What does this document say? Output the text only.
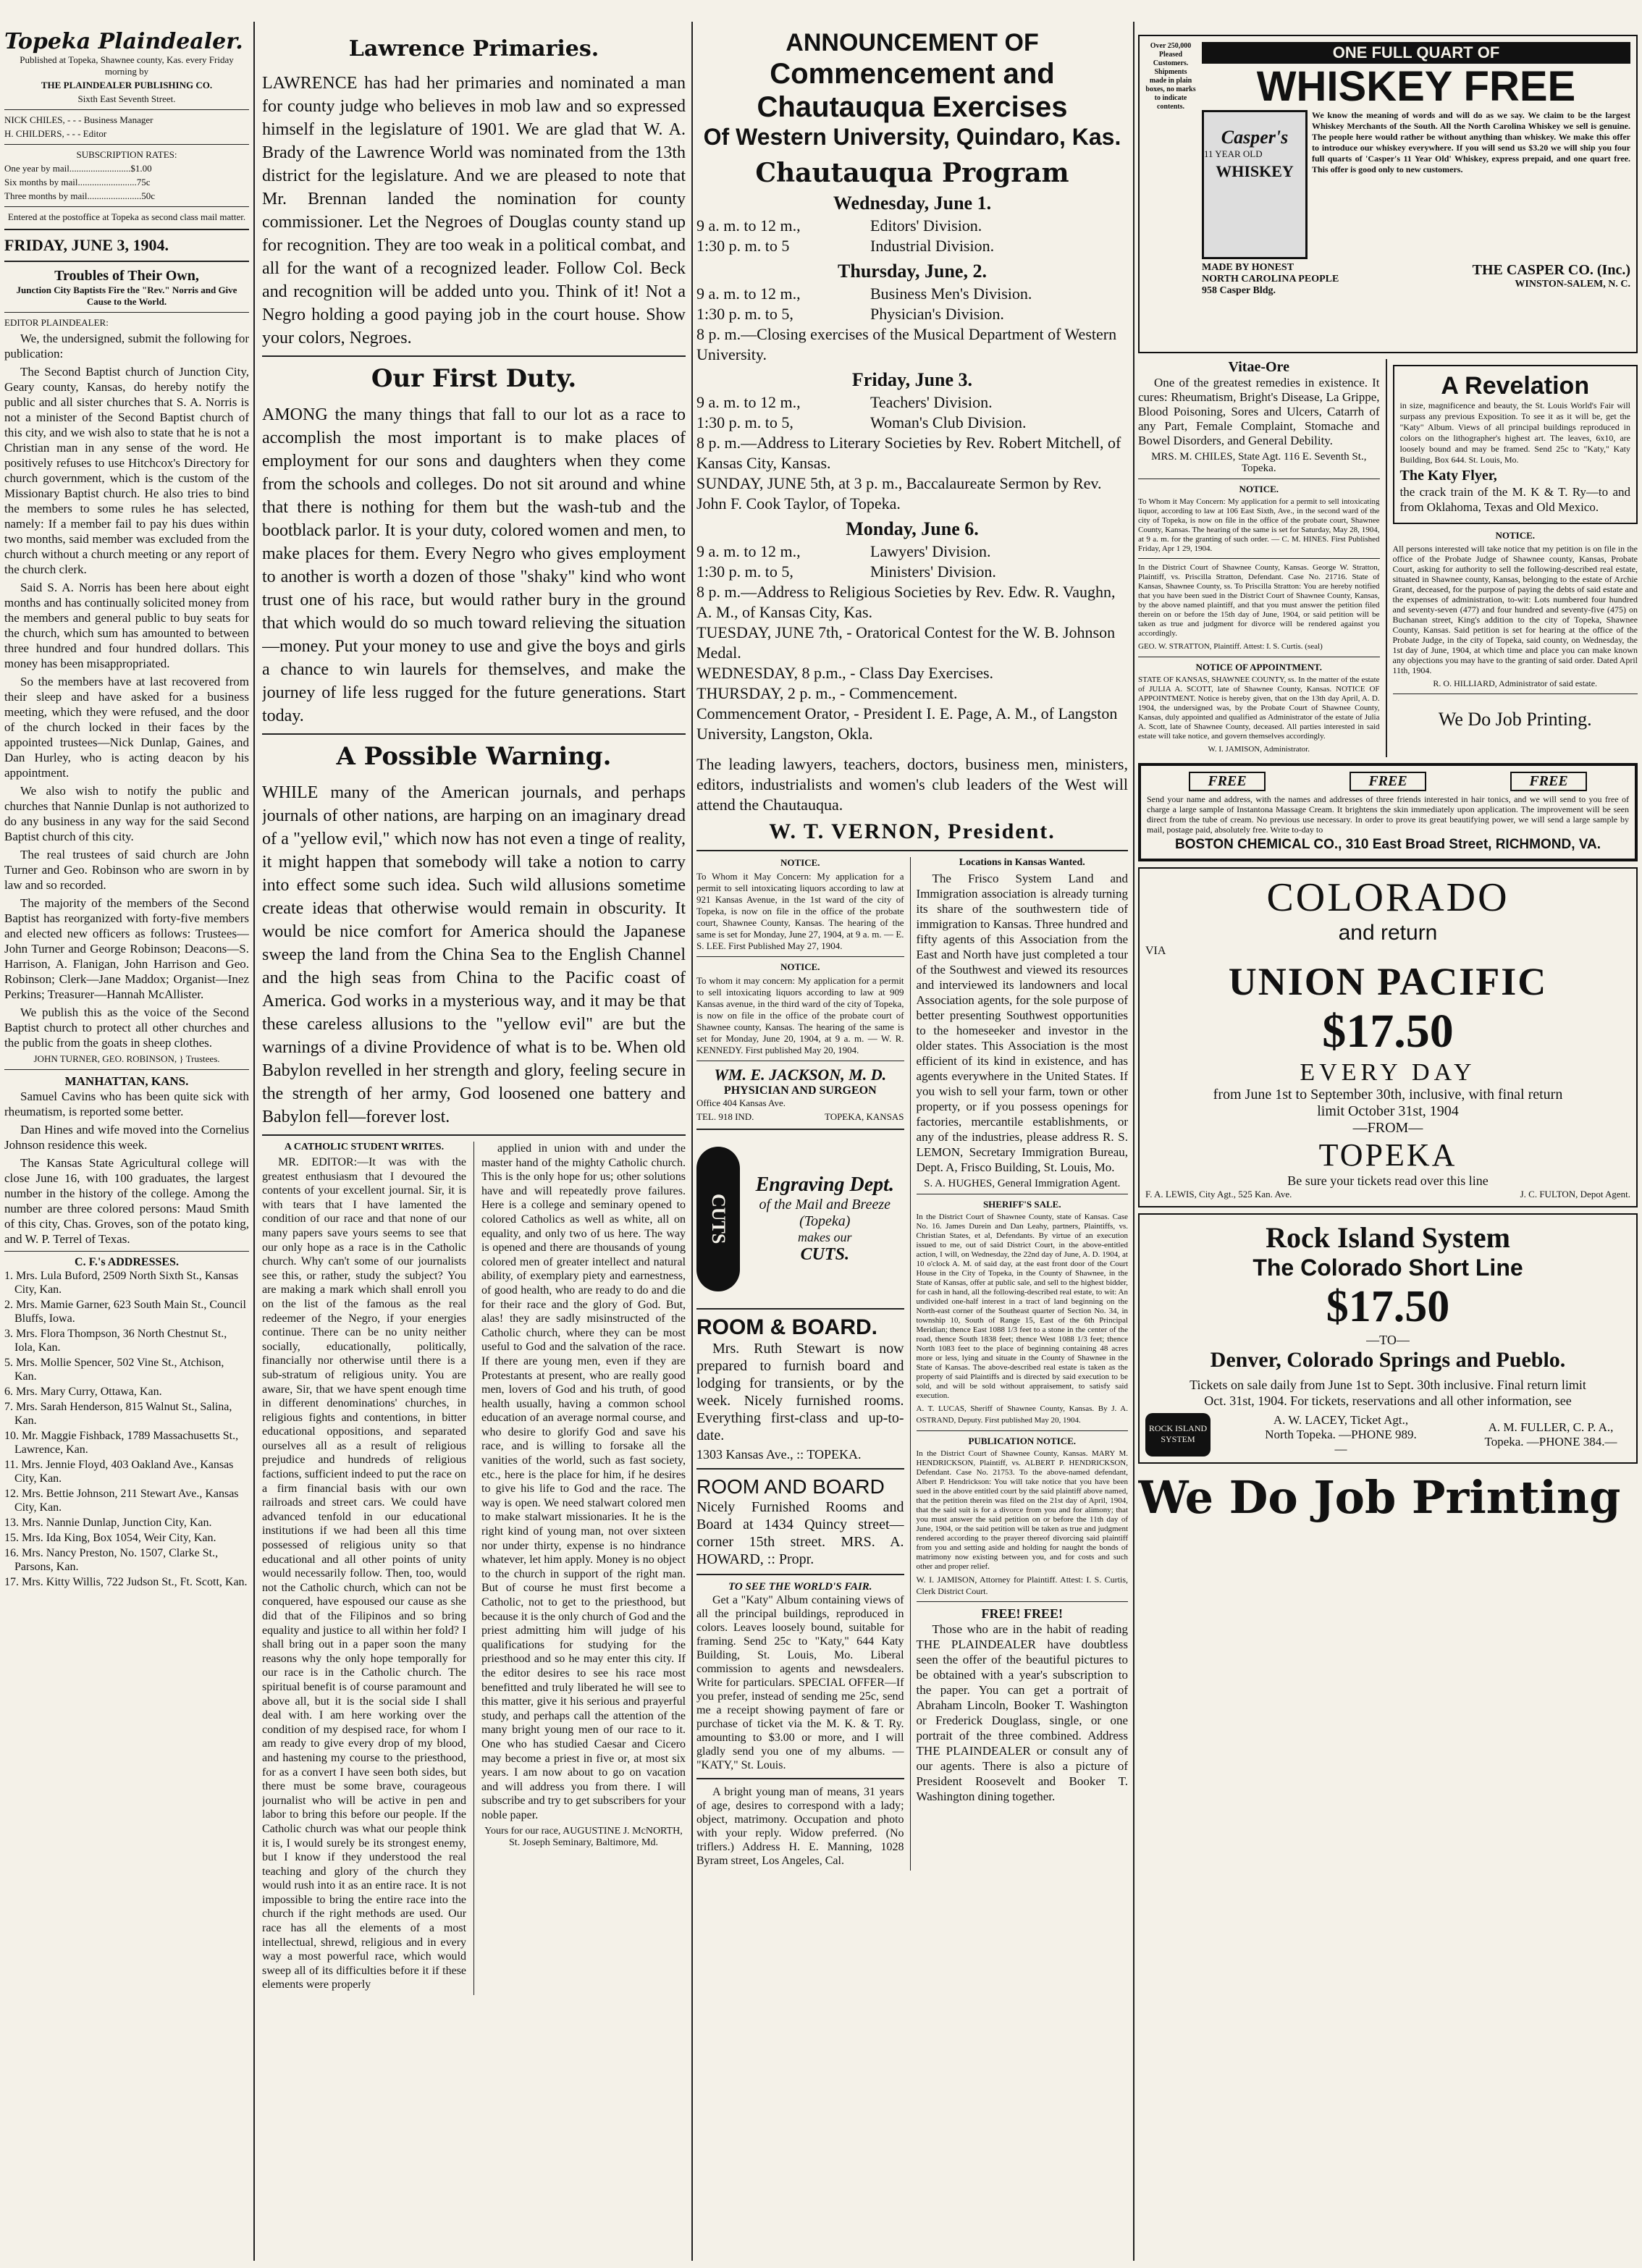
Topeka Plaindealer.
Published at Topeka, Shawnee county, Kas. every Friday morning by
THE PLAINDEALER PUBLISHING CO.
Sixth East Seventh Street.
NICK CHILES, - - - Business Manager
H. CHILDERS, - - - Editor
SUBSCRIPTION RATES:
One year by mail..........................$1.00
Six months by mail.........................75c
Three months by mail.......................50c
Entered at the postoffice at Topeka as second class mail matter.
FRIDAY, JUNE 3, 1904.
Troubles of Their Own,
Junction City Baptists Fire the "Rev." Norris and Give Cause to the World.
EDITOR PLAINDEALER:

We, the undersigned, submit the following for publication:

The Second Baptist church of Junction City, Geary county, Kansas, do hereby notify the public and all sister churches that S. A. Norris is not a minister of the Second Baptist church of this city, and we wish also to state that he is not a Christian man in any sense of the word. He positively refuses to use Hitchcox's Directory for church government, which is the custom of the Missionary Baptist church. He also tries to bind the members to some rules he has selected, namely: If a member fail to pay his dues within two months, said member was excluded from the church without a church meeting or any report of the church clerk.

Said S. A. Norris has been here about eight months and has continually solicited money from the members and general public to buy seats for the church, which sum has amounted to between three hundred and four hundred dollars. This money has been misappropriated.

So the members have at last recovered from their sleep and have asked for a business meeting, which they were refused, and the door of the church locked in their faces by the appointed trustees—Nick Dunlap, Gaines, and Dan Hurley, who is acting deacon by his appointment.

We also wish to notify the public and churches that Nannie Dunlap is not authorized to do any business in any way for the said Second Baptist church of this city.

The real trustees of said church are John Turner and Geo. Robinson who are sworn in by law and so recorded.

The majority of the members of the Second Baptist has reorganized with forty-five members and elected new officers as follows: Trustees—John Turner and George Robinson; Deacons—S. Harrison, A. Flanigan, John Harrison and Geo. Robinson; Clerk—Jane Maddox; Organist—Inez Perkins; Treasurer—Hannah McAllister.

We publish this as the voice of the Second Baptist church to protect all other churches and the public from the goats in sheep clothes.

JOHN TURNER, GEO. ROBINSON, } Trustees.
MANHATTAN, KANS.

Samuel Cavins who has been quite sick with rheumatism, is reported some better.

Dan Hines and wife moved into the Cornelius Johnson residence this week.

The Kansas State Agricultural college will close June 16, with 100 graduates, the largest number in the history of the college. Among the number are three colored persons: Maud Smith of this city, Chas. Groves, son of the potato king, and W. P. Terrel of Texas.

C. F.'s ADDRESSES.
1. Mrs. Lula Buford, 2509 North Sixth St., Kansas City, Kan.
2. Mrs. Mamie Garner, 623 South Main St., Council Bluffs, Iowa.
3. Mrs. Flora Thompson, 36 North Chestnut St., Iola, Kan.
5. Mrs. Mollie Spencer, 502 Vine St., Atchison, Kan.
6. Mrs. Mary Curry, Ottawa, Kan.
7. Mrs. Sarah Henderson, 815 Walnut St., Salina, Kan.
10. Mr. Maggie Fishback, 1789 Massachusetts St., Lawrence, Kan.
11. Mrs. Jennie Floyd, 403 Oakland Ave., Kansas City, Kan.
12. Mrs. Bettie Johnson, 211 Stewart Ave., Kansas City, Kan.
13. Mrs. Nannie Dunlap, Junction City, Kan.
15. Mrs. Ida King, Box 1054, Weir City, Kan.
16. Mrs. Nancy Preston, No. 1507, Clarke St., Parsons, Kan.
17. Mrs. Kitty Willis, 722 Judson St., Ft. Scott, Kan.
Lawrence Primaries.

LAWRENCE has had her primaries and nominated a man for county judge who believes in mob law and so expressed himself in the legislature of 1901. We are glad that W. A. Brady of the Lawrence World was nominated from the 13th district for the legislature. And we are pleased to note that Mr. Brennan landed the nomination for county commissioner. Let the Negroes of Douglas county stand up for recognition. They are too weak in a political combat, and all for the want of a recognized leader. Follow Col. Beck and recognition will be added unto you. Think of it! Not a Negro holding a good paying job in the court house. Show your colors, Negroes.

Our First Duty.

AMONG the many things that fall to our lot as a race to accomplish the most important is to make places of employment for our sons and daughters when they come from the schools and colleges. Do not sit around and whine that there is nothing for them but the wash-tub and the bootblack parlor. It is your duty, colored women and men, to make places for them. Every Negro who gives employment to another is worth a dozen of those "shaky" kind who wont trust one of his race, but would rather bury in the ground that which would do so much toward relieving the situation—money. Put your money to use and give the boys and girls a chance to win laurels for themselves, and make the journey of life less rugged for the future generations. Start today.

A Possible Warning.

WHILE many of the American journals, and perhaps journals of other nations, are harping on an imaginary dread of a "yellow evil," which now has not even a tinge of reality, it might happen that somebody will take a notion to carry into effect some such idea. Such wild allusions sometime create ideas that otherwise would remain in obscurity. It would be nice comfort for America should the Japanese sweep the land from the China Sea to the English Channel and the high seas from China to the Pacific coast of America. God works in a mysterious way, and it may be that these careless allusions to the "yellow evil" are but the warnings of a divine Providence of what is to be. When old Babylon revelled in her strength and glory, feeling secure in the strength of her army, God loosened one battery and Babylon fell—forever lost.

A CATHOLIC STUDENT WRITES.

MR. EDITOR:—It was with the greatest enthusiasm that I devoured the contents of your excellent journal. Sir, it is with tears that I have lamented the condition of our race and that none of our many papers save yours seems to see that our only hope as a race is in the Catholic church. Why can't some of our journalists see this, or rather, study the subject? You are making a mark which shall enroll you on the list of the famous as the real redeemer of the Negro, if your energies continue. There can be no unity neither socially, educationally, politically, financially nor otherwise until there is a sub-stratum of religious unity. You are aware, Sir, that we have spent enough time in different denominations' churches, in religious fights and contentions, in bitter educational oppositions, and separated ourselves all as a result of religious prejudice and hundreds of religious factions, sufficient indeed to put the race on a firm financial basis with our own railroads and street cars. We could have advanced tenfold in our educational institutions if we had been all this time possessed of religious unity so that educational and all other points of unity would necessarily follow. Then, too, would not the Catholic church, which can not be conquered, have espoused our cause as she did that of the Filipinos and so bring equality and justice to all within her fold? I shall bring out in a paper soon the many reasons why the only hope temporally for our race is in the Catholic church. The spiritual benefit is of course paramount and above all, but it is the social side I shall deal with. I am here working over the condition of my despised race, for whom I am ready to give every drop of my blood, and hastening my course to the priesthood, for as a convert I have seen both sides, but there must be some brave, courageous journalist who will be active in pen and labor to bring this before our people. If the Catholic church was what our people think it is, I would surely be its strongest enemy, but I know if they understood the real teaching and glory of the church they would rush into it as an entire race. It is not impossible to bring the entire race into the church if the right methods are used. Our race has all the elements of a most intellectual, shrewd, religious and in every way a most powerful race, which would sweep all of its difficulties before it if these elements were properly

applied in union with and under the master hand of the mighty Catholic church. This is the only hope for us; other solutions have and will repeatedly prove failures. Here is a college and seminary opened to colored Catholics as well as white, all on equality, and only two of us here. The way is opened and there are thousands of young colored men of greater intellect and natural ability, of exemplary piety and earnestness, of good health, who are ready to do and die for their race and the glory of God. But, alas! they are sadly misinstructed of the Catholic church, where they can be most useful to God and the salvation of the race. If there are young men, even if they are Protestants at present, who are really good men, lovers of God and his truth, of good health usually, having a common school education of an average normal course, and who desire to glorify God and save his race, and is willing to forsake all the vanities of the world, such as fast society, etc., here is the place for him, if he desires to give his life to God and the race. The way is open. We need stalwart colored men to make stalwart missionaries. It he is the right kind of young man, not over sixteen nor under thirty, expense is no hindrance whatever, let him apply. Money is no object to the church in support of the right man. But of course he must first become a Catholic, not to get to the priesthood, but because it is the only church of God and the priest admitting him will judge of his qualifications for studying for the priesthood and so he may enter this city. If the editor desires to see his race most benefitted and truly liberated he will see to this matter, give it his serious and prayerful study, and perhaps call the attention of the many bright young men of our race to it. One who has studied Caesar and Cicero may become a priest in five or, at most six years. I am now about to go on vacation and will address you from there. I will subscribe and try to get subscribers for your noble paper.

Yours for our race, AUGUSTINE J. McNORTH, St. Joseph Seminary, Baltimore, Md.
ANNOUNCEMENT OF
Commencement and Chautauqua Exercises
Of Western University, Quindaro, Kas.
Chautauqua Program
Wednesday, June 1.
9 a. m. to 12 m.,	Editors' Division.
1:30 p. m. to 5	Industrial Division.
Thursday, June, 2.
9 a. m. to 12 m.,	Business Men's Division.
1:30 p. m. to 5,	Physician's Division.
8 p. m.—Closing exercises of the Musical Department of Western University.
Friday, June 3.
9 a. m. to 12 m.,	Teachers' Division.
1:30 p. m. to 5,	Woman's Club Division.
8 p. m.—Address to Literary Societies by Rev. Robert Mitchell, of Kansas City, Kansas.
SUNDAY, JUNE 5th, at 3 p. m., Baccalaureate Sermon by Rev. John F. Cook Taylor, of Topeka.
Monday, June 6.
9 a. m. to 12 m.,	Lawyers' Division.
1:30 p. m. to 5,	Ministers' Division.
8 p. m.—Address to Religious Societies by Rev. Edw. R. Vaughn, A. M., of Kansas City, Kas.
TUESDAY, JUNE 7th, - Oratorical Contest for the W. B. Johnson Medal.
WEDNESDAY, 8 p.m., - Class Day Exercises.
THURSDAY, 2 p. m., - Commencement.
Commencement Orator, - President I. E. Page, A. M., of Langston University, Langston, Okla.

The leading lawyers, teachers, doctors, business men, ministers, editors, industrialists and women's club leaders of the West will attend the Chautauqua.

W. T. VERNON, President.
NOTICE.

To Whom it May Concern: My application for a permit to sell intoxicating liquors according to law at 921 Kansas Avenue, in the 1st ward of the city of Topeka, is now on file in the office of the probate court, Shawnee County, Kansas. The hearing of the same is set for Monday, June 27, 1904, at 9 a. m. — E. S. LEE. First Published May 27, 1904.

NOTICE.

To whom it may concern: My application for a permit to sell intoxicating liquors according to law at 909 Kansas avenue, in the third ward of the city of Topeka, is now on file in the office of the probate court of Shawnee county, Kansas. The hearing of the same is set for Monday, June 20, 1904, at 9 a. m. — W. R. KENNEDY. First published May 20, 1904.

WM. E. JACKSON, M. D.
PHYSICIAN AND SURGEON
Office 404 Kansas Ave.
TEL. 918 IND.	TOPEKA, KANSAS
CUTS
Engraving Dept.
of the Mail and Breeze (Topeka)
makes our
CUTS.
ROOM & BOARD.

Mrs. Ruth Stewart is now prepared to furnish board and lodging for transients, or by the week. Nicely furnished rooms. Everything first-class and up-to-date.

1303 Kansas Ave., :: TOPEKA.
ROOM AND BOARD

Nicely Furnished Rooms and Board at 1434 Quincy street—corner 15th street. MRS. A. HOWARD, :: Propr.

TO SEE THE WORLD'S FAIR.

Get a "Katy" Album containing views of all the principal buildings, reproduced in colors. Leaves loosely bound, suitable for framing. Send 25c to "Katy," 644 Katy Building, St. Louis, Mo. Liberal commission to agents and newsdealers. Write for particulars. SPECIAL OFFER—If you prefer, instead of sending me 25c, send me a receipt showing payment of fare or purchase of ticket via the M. K. & T. Ry. amounting to $3.00 or more, and I will gladly send you one of my albums. — "KATY," St. Louis.

A bright young man of means, 31 years of age, desires to correspond with a lady; object, matrimony. Occupation and photo with your reply. Widow preferred. (No triflers.) Address H. E. Manning, 1028 Byram street, Los Angeles, Cal.

Locations in Kansas Wanted.

The Frisco System Land and Immigration association is already turning its share of the southwestern tide of immigration to Kansas. Three hundred and fifty agents of this Association from the East and North have just completed a tour of the Southwest and viewed its resources and interviewed its landowners and local Association agents, for the sole purpose of better presenting Southwest opportunities to the homeseeker and investor in the older states. This Association is the most efficient of its kind in existence, and has agents everywhere in the United States. If you wish to sell your farm, town or other property, or if you possess openings for factories, mercantile establishments, or any of the industries, please address R. S. LEMON, Secretary Immigration Bureau, Dept. A, Frisco Building, St. Louis, Mo.

S. A. HUGHES, General Immigration Agent.
SHERIFF'S SALE.

In the District Court of Shawnee County, state of Kansas. Case No. 16. James Durein and Dan Leahy, partners, Plaintiffs, vs. Christian States, et al, Defendants. By virtue of an execution issued to me, out of said District Court, in the above-entitled action, I will, on Wednesday, the 22nd day of June, A. D. 1904, at 10 o'clock A. M. of said day, at the east front door of the Court House in the City of Topeka, in the County of Shawnee, in the State of Kansas, offer at public sale, and sell to the highest bidder, for cash in hand, all the following-described real estate, to wit: An undivided one-half interest in a tract of land beginning on the North-east corner of the Southeast quarter of Section No. 34, in township 10, South of Range 15, East of the 6th Principal Meridian; thence East 1088 1/3 feet to a stone in the center of the road, thence South 1838 feet; thence West 1088 1/3 feet; thence North 1083 feet to the place of beginning containing 48 acres more or less, lying and situate in the County of Shawnee in the State of Kansas. The above-described real estate is taken as the property of said Plaintiffs and is directed by said execution to be sold, and will be sold without appraisement, to satisfy said execution.

A. T. LUCAS, Sheriff of Shawnee County, Kansas. By J. A. OSTRAND, Deputy. First published May 20, 1904.
PUBLICATION NOTICE.

In the District Court of Shawnee County, Kansas. MARY M. HENDRICKSON, Plaintiff, vs. ALBERT P. HENDRICKSON, Defendant. Case No. 21753. To the above-named defendant, Albert P. Hendrickson: You will take notice that you have been sued in the above entitled court by the said plaintiff above named, that the petition therein was filed on the 21st day of April, 1904, that the said suit is for a divorce from you and for alimony; that you must answer the said petition on or before the 11th day of June, 1904, or the said petition will be taken as true and judgment rendered according to the prayer thereof divorcing said plaintiff from you and setting aside and holding for naught the bonds of matrimony now existing between you, and for costs and such other and proper relief.

W. I. JAMISON, Attorney for Plaintiff. Attest: I. S. Curtis, Clerk District Court.
FREE! FREE!

Those who are in the habit of reading THE PLAINDEALER have doubtless seen the offer of the beautiful pictures to be obtained with a year's subscription to the paper. You can get a portrait of Abraham Lincoln, Booker T. Washington or Frederick Douglass, single, or one portrait of the three combined. Address THE PLAINDEALER or consult any of our agents. There is also a picture of President Roosevelt and Booker T. Washington dining together.

Over 250,000 Pleased Customers. Shipments made in plain boxes, no marks to indicate contents.
ONE FULL QUART OF
WHISKEY FREE
Casper's
11 YEAR OLD
WHISKEY

We know the meaning of words and will do as we say. We claim to be the largest Whiskey Merchants of the South. All the North Carolina Whiskey we sell is genuine. The people here would rather be without anything than whiskey. We make this offer to introduce our whiskey everywhere. If you will send us $3.20 we will ship you four full quarts of 'Casper's 11 Year Old' Whiskey, express prepaid, and one quart free. This offer is good only to new customers.

MADE BY HONEST
NORTH CAROLINA PEOPLE
958 Casper Bldg.
THE CASPER CO. (Inc.)
WINSTON-SALEM, N. C.
Vitae-Ore

One of the greatest remedies in existence. It cures: Rheumatism, Bright's Disease, La Grippe, Blood Poisoning, Sores and Ulcers, Catarrh of any Part, Female Complaint, Stomache and Bowel Disorders, and General Debility.

MRS. M. CHILES, State Agt. 116 E. Seventh St., Topeka.
NOTICE.

To Whom it May Concern: My application for a permit to sell intoxicating liquor, according to law at 106 East Sixth, Ave., in the second ward of the city of Topeka, is now on file in the office of the probate court, Shawnee County, Kansas. The hearing of the same is set for Saturday, May 28, 1904, at 9 a. m. for the granting of such order. — C. M. HINES. First Published Friday, Apr 1 29, 1904.

In the District Court of Shawnee County, Kansas. George W. Stratton, Plaintiff, vs. Priscilla Stratton, Defendant. Case No. 21716. State of Kansas, Shawnee County, ss. To Priscilla Stratton: You are hereby notified that you have been sued in the District Court of Shawnee County, Kansas, by the above named plaintiff, and that you must answer the petition filed therein on or before the 15th day of June, 1904, or said petition will be taken as true and judgment for divorce will be rendered against you accordingly.

GEO. W. STRATTON, Plaintiff. Attest: I. S. Curtis. (seal)
NOTICE OF APPOINTMENT.

STATE OF KANSAS, SHAWNEE COUNTY, ss. In the matter of the estate of JULIA A. SCOTT, late of Shawnee County, Kansas. NOTICE OF APPOINTMENT. Notice is hereby given, that on the 13th day April, A. D. 1904, the undersigned was, by the Probate Court of Shawnee County, Kansas, duly appointed and qualified as Administrator of the estate of Julia A. Scott, late of Shawnee County, deceased. All parties interested in said estate will take notice, and govern themselves accordingly.

W. I. JAMISON, Administrator.
A Revelation

in size, magnificence and beauty, the St. Louis World's Fair will surpass any previous Exposition. To see it as it will be, get the "Katy" Album. Views of all principal buildings reproduced in colors on the lithographer's highest art. The leaves, 6x10, are loosely bound and may be framed. Send 25c to "Katy," Katy Building, Box 644. St. Louis, Mo.

The Katy Flyer,

the crack train of the M. K & T. Ry—to and from Oklahoma, Texas and Old Mexico.

NOTICE.

All persons interested will take notice that my petition is on file in the office of the Probate Judge of Shawnee county, Kansas, Probate Court, asking for authority to sell the following-described real estate, situated in Shawnee county, Kansas, belonging to the estate of Archie Grant, deceased, for the purpose of paying the debts of said estate and the expenses of administration, to-wit: Lots numbered four hundred and seventy-seven (477) and four hundred and seventy-five (475) on Buchanan street, King's addition to the city of Topeka, Shawnee County, Kansas. Said petition is set for hearing at the office of the Probate Judge, in the city of Topeka, said county, on Wednesday, the 1st day of June, 1904, at which time and place you can make known any objections you may have to the granting of said order. Dated April 11th, 1904.

R. O. HILLIARD, Administrator of said estate.
We Do Job Printing.
FREE	FREE	FREE

Send your name and address, with the names and addresses of three friends interested in hair tonics, and we will send to you free of charge a large sample of Instantona Massage Cream. It brightens the skin immediately upon application. The improvement will be seen direct from the tube of cream. No previous use necessary. In order to prove its great beautifying power, we will send a large sample by mail, postage paid, absolutely free. Write to-day to

BOSTON CHEMICAL CO., 310 East Broad Street, RICHMOND, VA.
COLORADO
and return
VIA
UNION PACIFIC
$17.50
EVERY DAY
from June 1st to September 30th, inclusive, with final return limit October 31st, 1904
—FROM—
TOPEKA
Be sure your tickets read over this line
F. A. LEWIS, City Agt., 525 Kan. Ave.	J. C. FULTON, Depot Agent.
Rock Island System
The Colorado Short Line
$17.50
—TO—
Denver, Colorado Springs and Pueblo.

Tickets on sale daily from June 1st to Sept. 30th inclusive. Final return limit Oct. 31st, 1904. For tickets, reservations and all other information, see

ROCK ISLAND SYSTEM
A. W. LACEY, Ticket Agt., North Topeka. —PHONE 989.—
A. M. FULLER, C. P. A., Topeka. —PHONE 384.—
We Do Job Printing
